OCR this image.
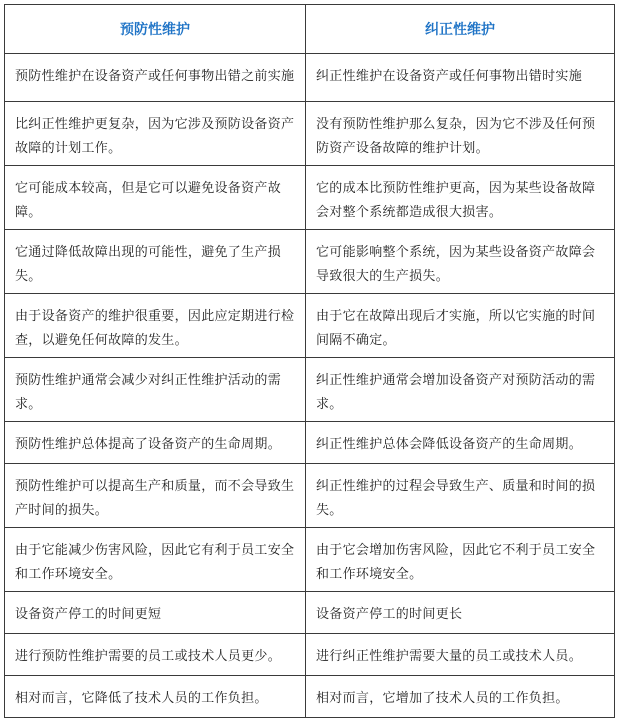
预防性维护	纠正性维护
预防性维护在设备资产或任何事物出错之前实施	纠正性维护在设备资产或任何事物出错时实施
比纠正性维护更复杂，因为它涉及预防设备资产故障的计划工作。	没有预防性维护那么复杂，因为它不涉及任何预防资产设备故障的维护计划。
它可能成本较高，但是它可以避免设备资产故障。	它的成本比预防性维护更高，因为某些设备故障会对整个系统都造成很大损害。
它通过降低故障出现的可能性，避免了生产损失。	它可能影响整个系统，因为某些设备资产故障会导致很大的生产损失。
由于设备资产的维护很重要，因此应定期进行检查，以避免任何故障的发生。	由于它在故障出现后才实施，所以它实施的时间间隔不确定。
预防性维护通常会减少对纠正性维护活动的需求。	纠正性维护通常会增加设备资产对预防活动的需求。
预防性维护总体提高了设备资产的生命周期。	纠正性维护总体会降低设备资产的生命周期。
预防性维护可以提高生产和质量，而不会导致生产时间的损失。	纠正性维护的过程会导致生产、质量和时间的损失。
由于它能减少伤害风险，因此它有利于员工安全和工作环境安全。	由于它会增加伤害风险，因此它不利于员工安全和工作环境安全。
设备资产停工的时间更短	设备资产停工的时间更长
进行预防性维护需要的员工或技术人员更少。	进行纠正性维护需要大量的员工或技术人员。
相对而言，它降低了技术人员的工作负担。	相对而言，它增加了技术人员的工作负担。
